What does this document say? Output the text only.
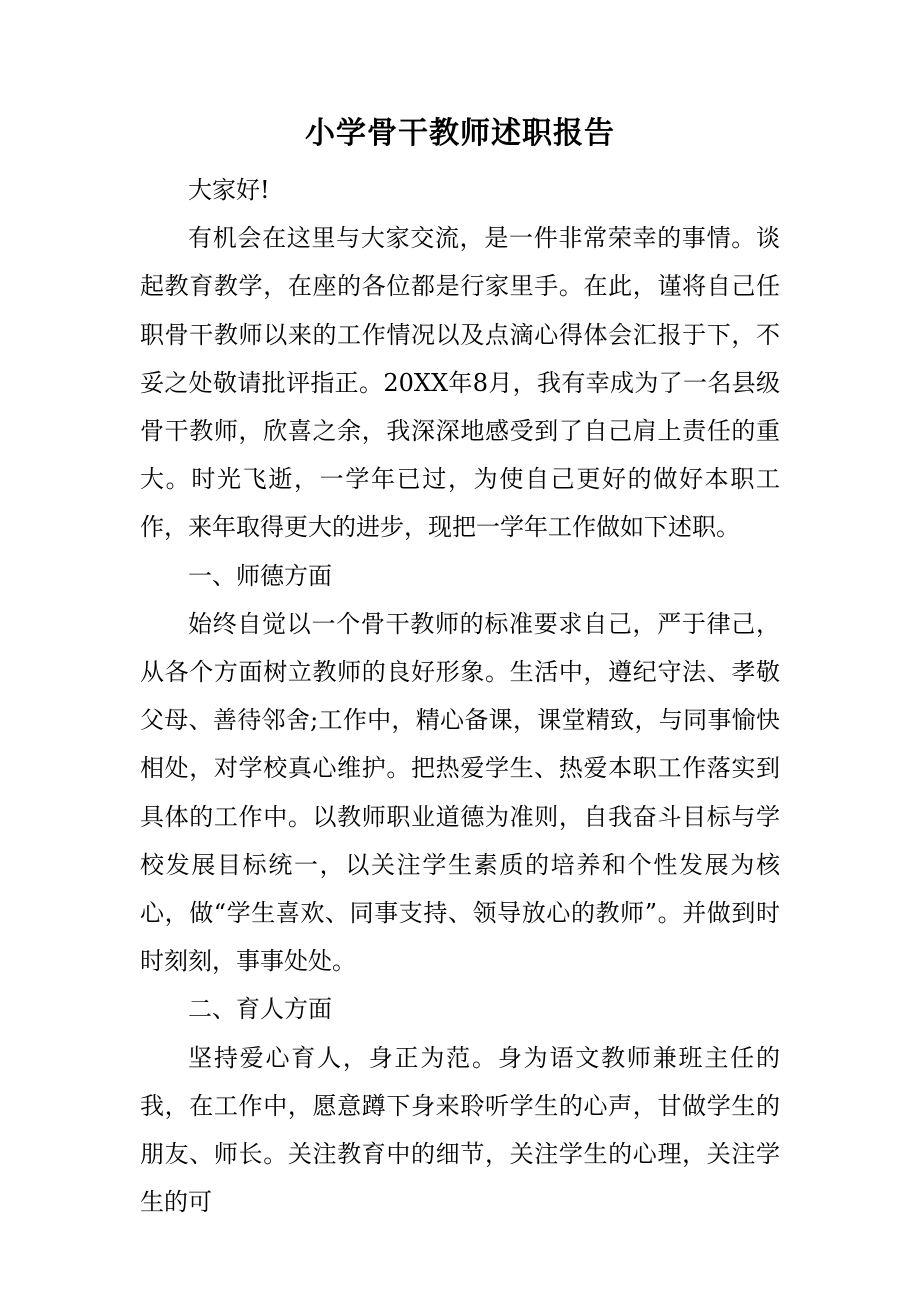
小学骨干教师述职报告

大家好!

有机会在这里与大家交流，是一件非常荣幸的事情。谈起教育教学，在座的各位都是行家里手。在此，谨将自己任职骨干教师以来的工作情况以及点滴心得体会汇报于下，不妥之处敬请批评指正。20XX年8月，我有幸成为了一名县级骨干教师，欣喜之余，我深深地感受到了自己肩上责任的重大。时光飞逝，一学年已过，为使自己更好的做好本职工作，来年取得更大的进步，现把一学年工作做如下述职。

一、师德方面

始终自觉以一个骨干教师的标准要求自己，严于律己，从各个方面树立教师的良好形象。生活中，遵纪守法、孝敬父母、善待邻舍;工作中，精心备课，课堂精致，与同事愉快相处，对学校真心维护。把热爱学生、热爱本职工作落实到具体的工作中。以教师职业道德为准则，自我奋斗目标与学校发展目标统一，以关注学生素质的培养和个性发展为核心，做“学生喜欢、同事支持、领导放心的教师”。并做到时时刻刻，事事处处。

二、育人方面

坚持爱心育人，身正为范。身为语文教师兼班主任的我，在工作中，愿意蹲下身来聆听学生的心声，甘做学生的朋友、师长。关注教育中的细节，关注学生的心理，关注学生的可
